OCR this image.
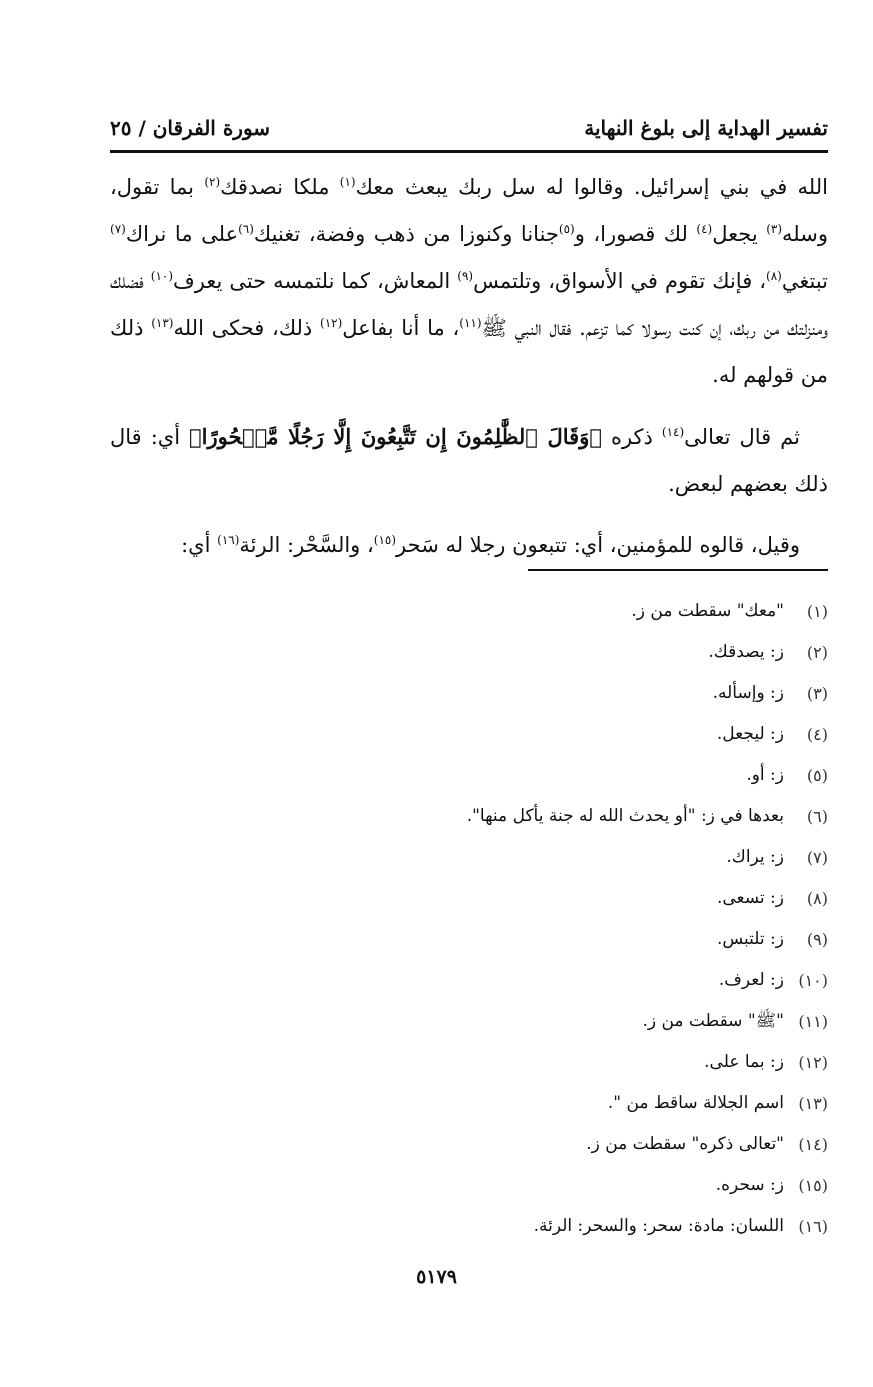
تفسير الهداية إلى بلوغ النهاية
سورة الفرقان / ٢٥

الله في بني إسرائيل. وقالوا له سل ربك يبعث معك$^{(١)}$ ملكا نصدقك$^{(٢)}$ بما تقول، وسله$^{(٣)}$ يجعل$^{(٤)}$ لك قصورا، و$^{(٥)}$جنانا وكنوزا من ذهب وفضة، تغنيك$^{(٦)}$على ما نراك$^{(٧)}$ تبتغي$^{(٨)}$، فإنك تقوم في الأسواق، وتلتمس$^{(٩)}$ المعاش، كما نلتمسه حتى يعرف$^{(١٠)}$ فضلك ومنزلتك من ربك، إن كنت رسولا كما تزعم. فقال النبي ﷺ$^{(١١)}$، ما أنا بفاعل$^{(١٢)}$ ذلك، فحكى الله$^{(١٣)}$ ذلك من قولهم له.

ثم قال تعالى$^{(١٤)}$ ذكره ﴿وَقَالَ ٱلظَّٰلِمُونَ إِن تَتَّبِعُونَ إِلَّا رَجُلًا مَّسۡحُورًا﴾ أي: قال ذلك بعضهم لبعض.

وقيل، قالوه للمؤمنين، أي: تتبعون رجلا له سَحر$^{(١٥)}$، والسَّحْر: الرئة$^{(١٦)}$ أي:

(١)
"معك" سقطت من ز.
(٢)
ز: يصدقك.
(٣)
ز: وإسأله.
(٤)
ز: ليجعل.
(٥)
ز: أو.
(٦)
بعدها في ز: "أو يحدث الله له جنة يأكل منها".
(٧)
ز: يراك.
(٨)
ز: تسعى.
(٩)
ز: تلتبس.
(١٠)
ز: لعرف.
(١١)
"ﷺ" سقطت من ز.
(١٢)
ز: بما على.
(١٣)
اسم الجلالة ساقط من ".
(١٤)
"تعالى ذكره" سقطت من ز.
(١٥)
ز: سحره.
(١٦)
اللسان: مادة: سحر: والسحر: الرئة.
٥١٧٩
